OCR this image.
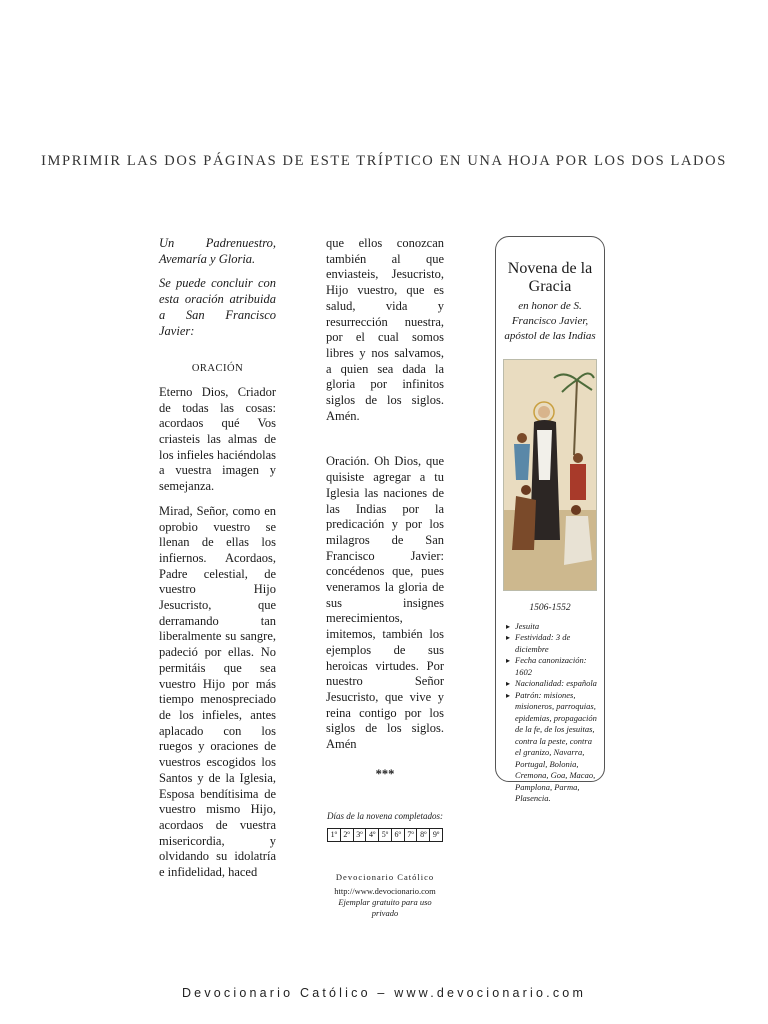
IMPRIMIR LAS DOS PÁGINAS DE ESTE TRÍPTICO EN UNA HOJA POR LOS DOS LADOS

Un Padrenuestro, Avemaría y Gloria.

Se puede concluir con esta oración atribuida a San Francisco Javier:

ORACIÓN

Eterno Dios, Criador de todas las cosas: acordaos qué Vos criasteis las almas de los infieles haciéndolas a vuestra imagen y semejanza.

Mirad, Señor, como en oprobio vuestro se llenan de ellas los infiernos. Acordaos, Padre celestial, de vuestro Hijo Jesucristo, que derramando tan liberalmente su sangre, padeció por ellas. No permitáis que sea vuestro Hijo por más tiempo menospreciado de los infieles, antes aplacado con los ruegos y oraciones de vuestros escogidos los Santos y de la Iglesia, Esposa bendítisima de vuestro mismo Hijo, acordaos de vuestra misericordia, y olvidando su idolatría e infidelidad, haced

que ellos conozcan también al que enviasteis, Jesucristo, Hijo vuestro, que es salud, vida y resurrección nuestra, por el cual somos libres y nos salvamos, a quien sea dada la gloria por infinitos siglos de los siglos. Amén.

Oración. Oh Dios, que quisiste agregar a tu Iglesia las naciones de las Indias por la predicación y por los milagros de San Francisco Javier: concédenos que, pues veneramos la gloria de sus insignes merecimientos, imitemos, también los ejemplos de sus heroicas virtudes. Por nuestro Señor Jesucristo, que vive y reina contigo por los siglos de los siglos. Amén

***

Días de la novena completados:

1º 2º 3º 4º 5º 6º 7º 8º 9º

Devocionario Católico

http://www.devocionario.com

Ejemplar gratuito para uso privado

Novena de la Gracia
en honor de S. Francisco Javier, apóstol de las Indias
1506-1552
▸ Jesuita
▸ Festividad: 3 de diciembre
▸ Fecha canonización: 1602
▸ Nacionalidad: española
▸ Patrón: misiones, misioneros, parroquias, epidemias, propagación de la fe, de los jesuitas, contra la peste, contra el granizo, Navarra, Portugal, Bolonia, Cremona, Goa, Macao, Pamplona, Parma, Plasencia.
Devocionario Católico – www.devocionario.com
